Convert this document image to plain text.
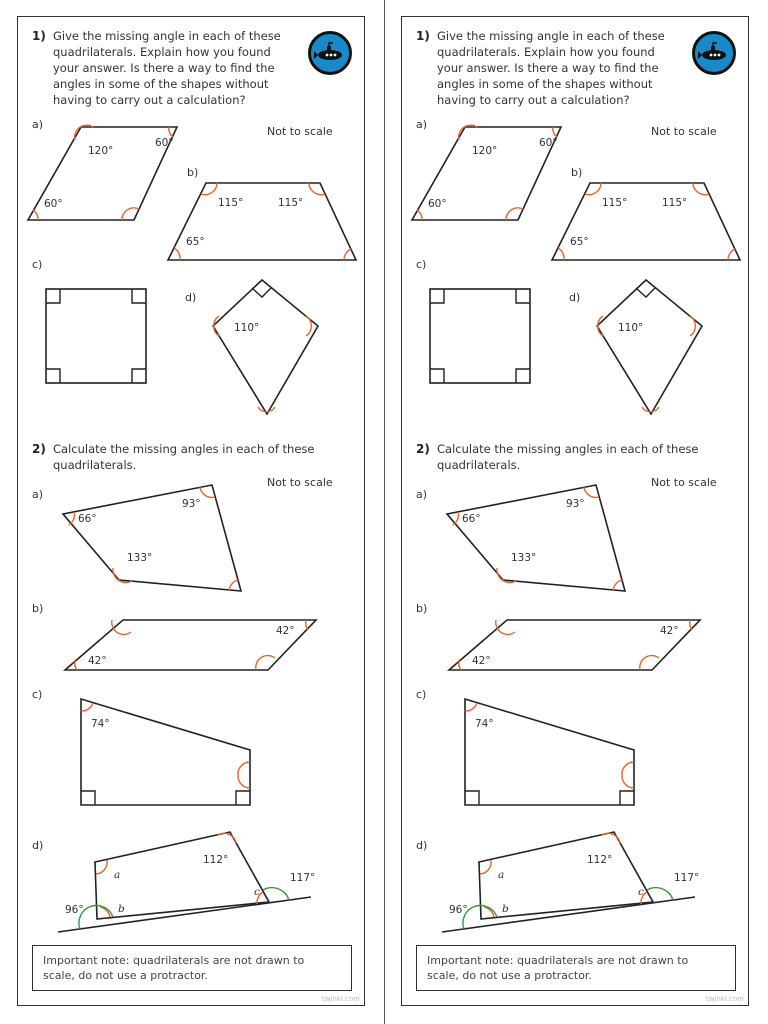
1) Give the missing angle in each of these
quadrilaterals. Explain how you found
your answer. Is there a way to find the
angles in some of the shapes without
having to carry out a calculation?
Not to scale
a)
b)
c)
d)
2) Calculate the missing angles in each of these
quadrilaterals.
Not to scale
a)
b)
c)
d)
120°
60°
60°	115°	115°
65°
110°
93°
66°
133°
42°
42°
74°
112°
117°
96°
a
b
c
Important note: quadrilaterals are not drawn to
scale, do not use a protractor.
twinkl.com
1) Give the missing angle in each of these
quadrilaterals. Explain how you found
your answer. Is there a way to find the
angles in some of the shapes without
having to carry out a calculation?
Not to scale
a)
b)
c)
d)
2) Calculate the missing angles in each of these
quadrilaterals.
Not to scale
a)
b)
c)
d)
120°
60°
60°	115°	115°
65°
110°
93°
66°
133°
42°
42°
74°
112°
117°
96°
a
b
c
Important note: quadrilaterals are not drawn to
scale, do not use a protractor.
twinkl.com
